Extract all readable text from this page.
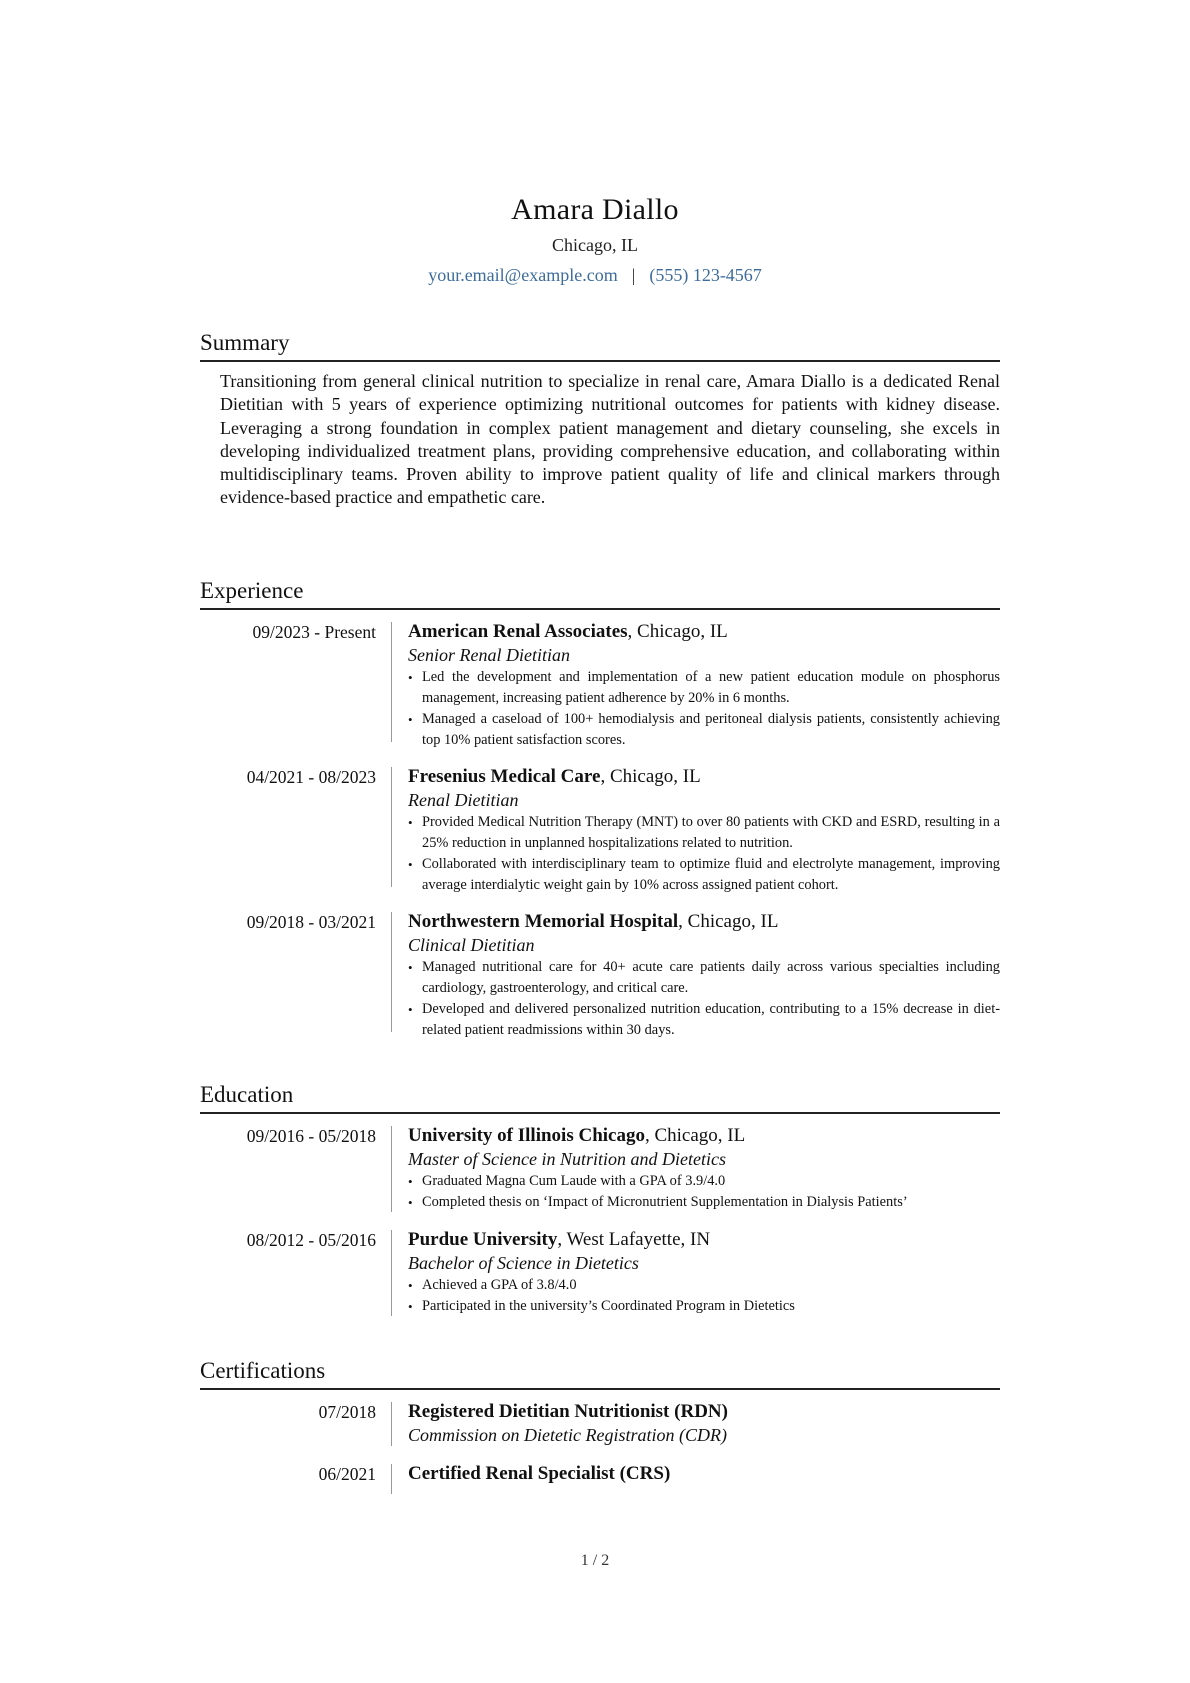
Amara Diallo
Chicago, IL
your.email@example.com | (555) 123-4567
Summary
Transitioning from general clinical nutrition to specialize in renal care, Amara Diallo is a dedicated Renal Dietitian with 5 years of experience optimizing nutritional outcomes for patients with kidney disease. Leveraging a strong foundation in complex patient management and dietary counseling, she excels in developing individualized treatment plans, providing comprehensive education, and collaborating within multidisciplinary teams. Proven ability to improve patient quality of life and clinical markers through evidence-based practice and empathetic care.
Experience
09/2023 - Present American Renal Associates, Chicago, IL
Senior Renal Dietitian
• Led the development and implementation of a new patient education module on phosphorus management, increasing patient adherence by 20% in 6 months.
• Managed a caseload of 100+ hemodialysis and peritoneal dialysis patients, consistently achieving top 10% patient satisfaction scores.
04/2021 - 08/2023 Fresenius Medical Care, Chicago, IL
Renal Dietitian
• Provided Medical Nutrition Therapy (MNT) to over 80 patients with CKD and ESRD, resulting in a 25% reduction in unplanned hospitalizations related to nutrition.
• Collaborated with interdisciplinary team to optimize fluid and electrolyte management, improving average interdialytic weight gain by 10% across assigned patient cohort.
09/2018 - 03/2021 Northwestern Memorial Hospital, Chicago, IL
Clinical Dietitian
• Managed nutritional care for 40+ acute care patients daily across various specialties including cardiology, gastroenterology, and critical care.
• Developed and delivered personalized nutrition education, contributing to a 15% decrease in diet-related patient readmissions within 30 days.
Education
09/2016 - 05/2018 University of Illinois Chicago, Chicago, IL
Master of Science in Nutrition and Dietetics
• Graduated Magna Cum Laude with a GPA of 3.9/4.0
• Completed thesis on ‘Impact of Micronutrient Supplementation in Dialysis Patients’
08/2012 - 05/2016 Purdue University, West Lafayette, IN
Bachelor of Science in Dietetics
• Achieved a GPA of 3.8/4.0
• Participated in the university’s Coordinated Program in Dietetics
Certifications
07/2018 Registered Dietitian Nutritionist (RDN)
Commission on Dietetic Registration (CDR)
06/2021 Certified Renal Specialist (CRS)
1 / 2
